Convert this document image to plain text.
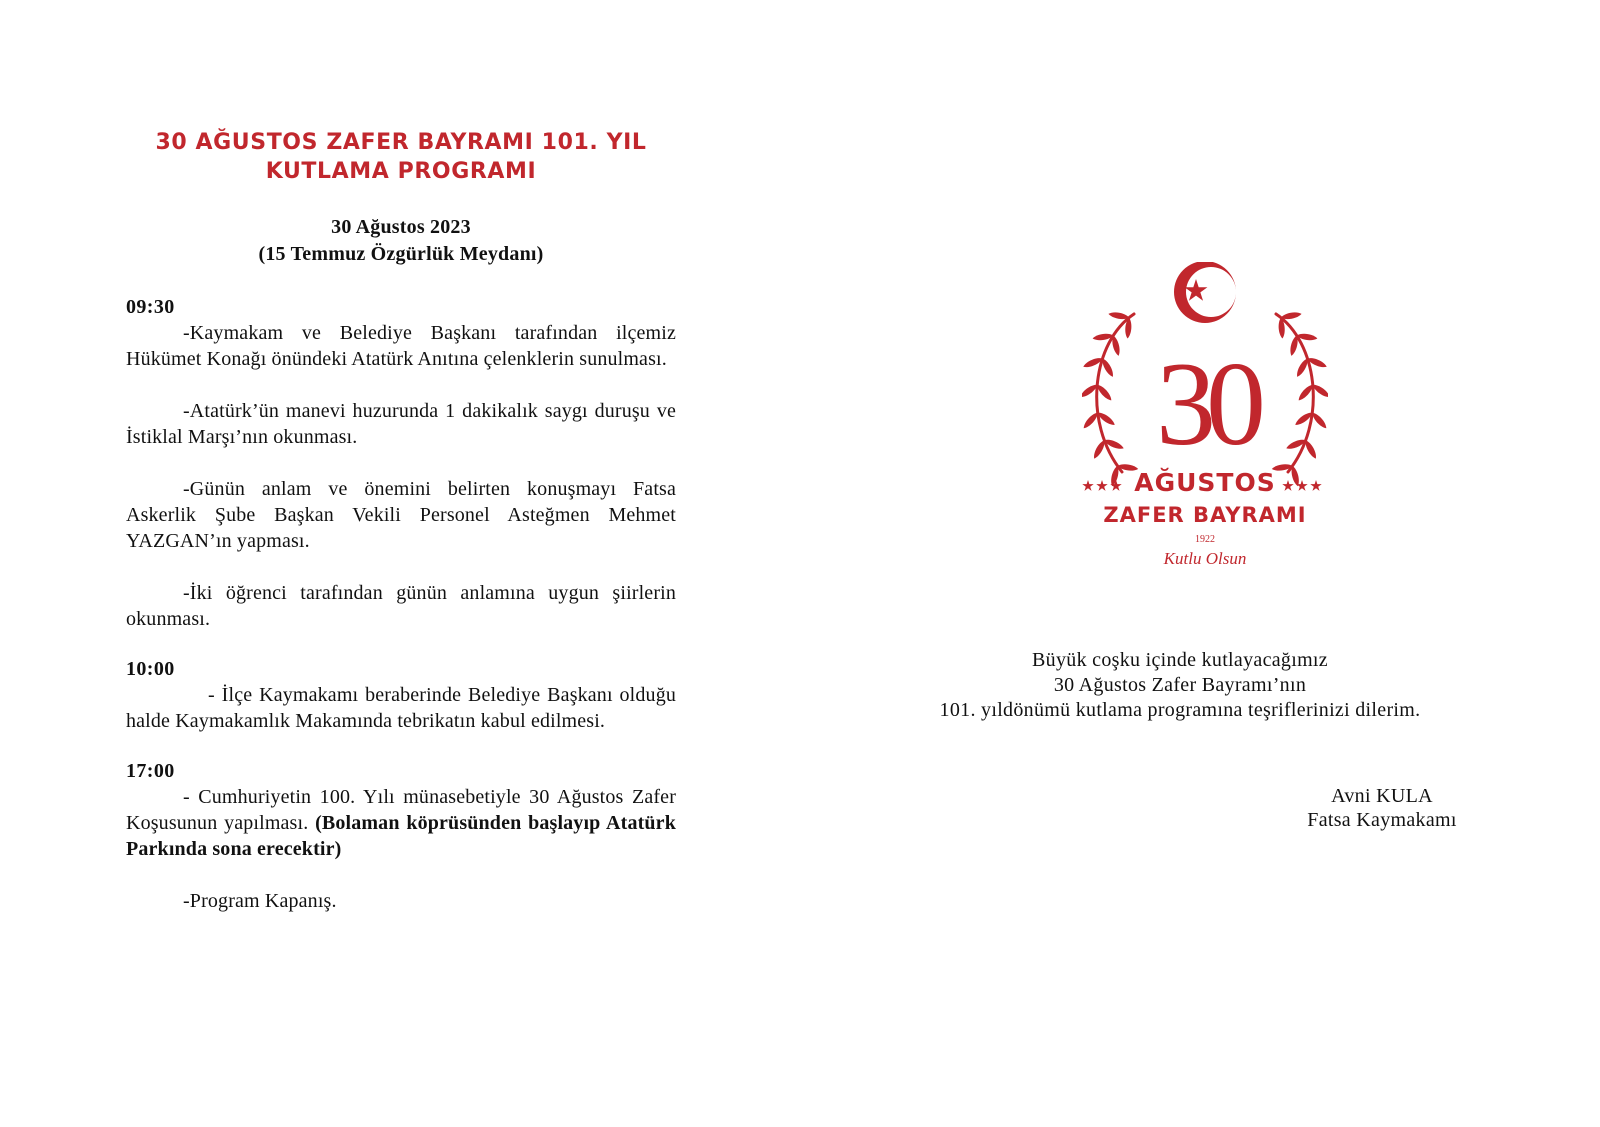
30 AĞUSTOS ZAFER BAYRAMI 101. YIL
KUTLAMA PROGRAMI
30 Ağustos 2023
(15 Temmuz Özgürlük Meydanı)
09:30
-Kaymakam ve Belediye Başkanı tarafından ilçemiz Hükümet Konağı önündeki Atatürk Anıtına çelenklerin sunulması.
-Atatürk’ün manevi huzurunda 1 dakikalık saygı duruşu ve İstiklal Marşı’nın okunması.
-Günün anlam ve önemini belirten konuşmayı Fatsa Askerlik Şube Başkan Vekili Personel Asteğmen Mehmet YAZGAN’ın yapması.
-İki öğrenci tarafından günün anlamına uygun şiirlerin okunması.
10:00
- İlçe Kaymakamı beraberinde Belediye Başkanı olduğu halde Kaymakamlık Makamında tebrikatın kabul edilmesi.
17:00
- Cumhuriyetin 100. Yılı münasebetiyle 30 Ağustos Zafer Koşusunun yapılması. (Bolaman köprüsünden başlayıp Atatürk Parkında sona erecektir)
-Program Kapanış.
30
AĞUSTOS
ZAFER BAYRAMI
1922
Kutlu Olsun
Büyük coşku içinde kutlayacağımız
30 Ağustos Zafer Bayramı’nın
101. yıldönümü kutlama programına teşriflerinizi dilerim.
Avni KULA
Fatsa Kaymakamı
